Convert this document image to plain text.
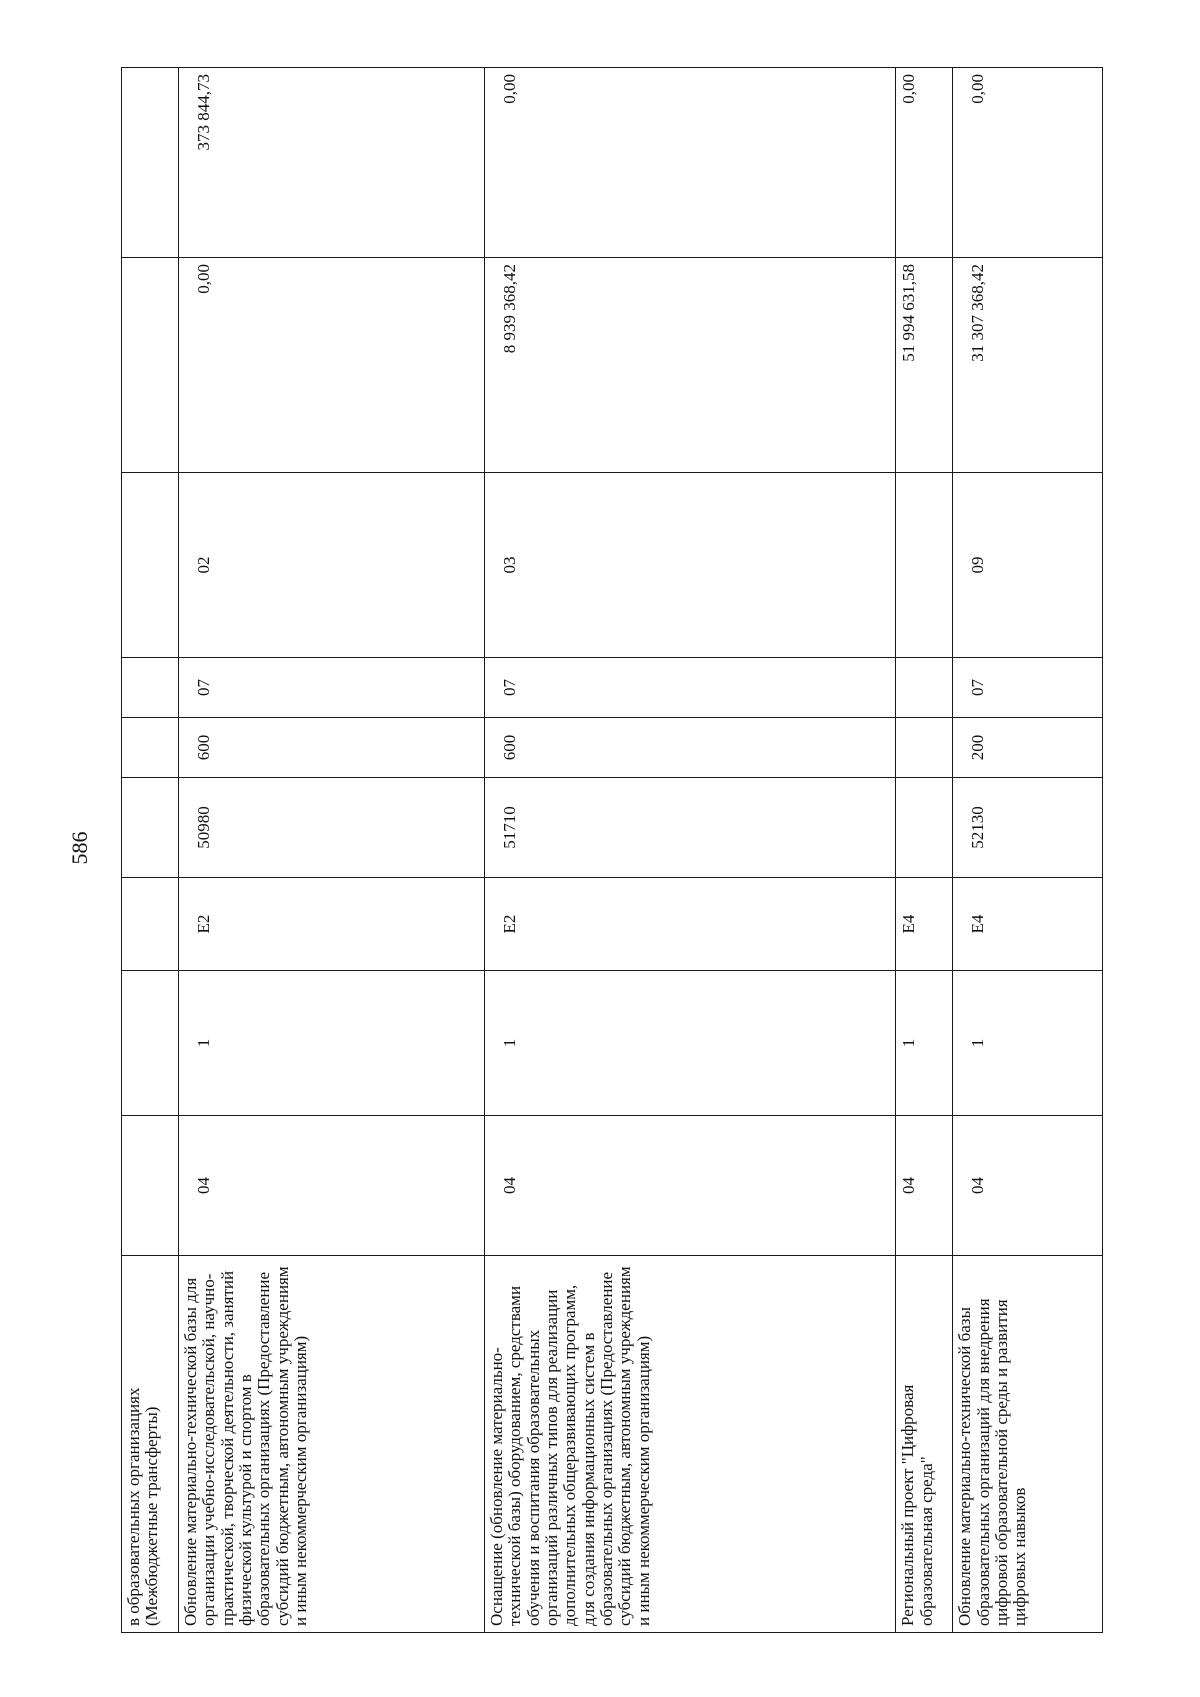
586
в образовательных организациях (Межбюджетные трансферты)										
Обновление материально-технической базы для организации учебно-исследовательской, научно-практической, творческой деятельности, занятий физической культурой и спортом в образовательных организациях (Предоставление субсидий бюджетным, автономным учреждениям и иным некоммерческим организациям)	04	1	Е2	50980	600	07	02	0,00	373 844,73	
Оснащение (обновление материально-технической базы) оборудованием, средствами обучения и воспитания образовательных организаций различных типов для реализации дополнительных общеразвивающих программ, для создания информационных систем в образовательных организациях (Предоставление субсидий бюджетным, автономным учреждениям и иным некоммерческим организациям)	04	1	Е2	51710	600	07	03	8 939 368,42	0,00	
Региональный проект "Цифровая образовательная среда"	04	1	Е4					51 994 631,58	0,00	
Обновление материально-технической базы образовательных организаций для внедрения цифровой образовательной среды и развития цифровых навыков	04	1	Е4	52130	200	07	09	31 307 368,42	0,00	
